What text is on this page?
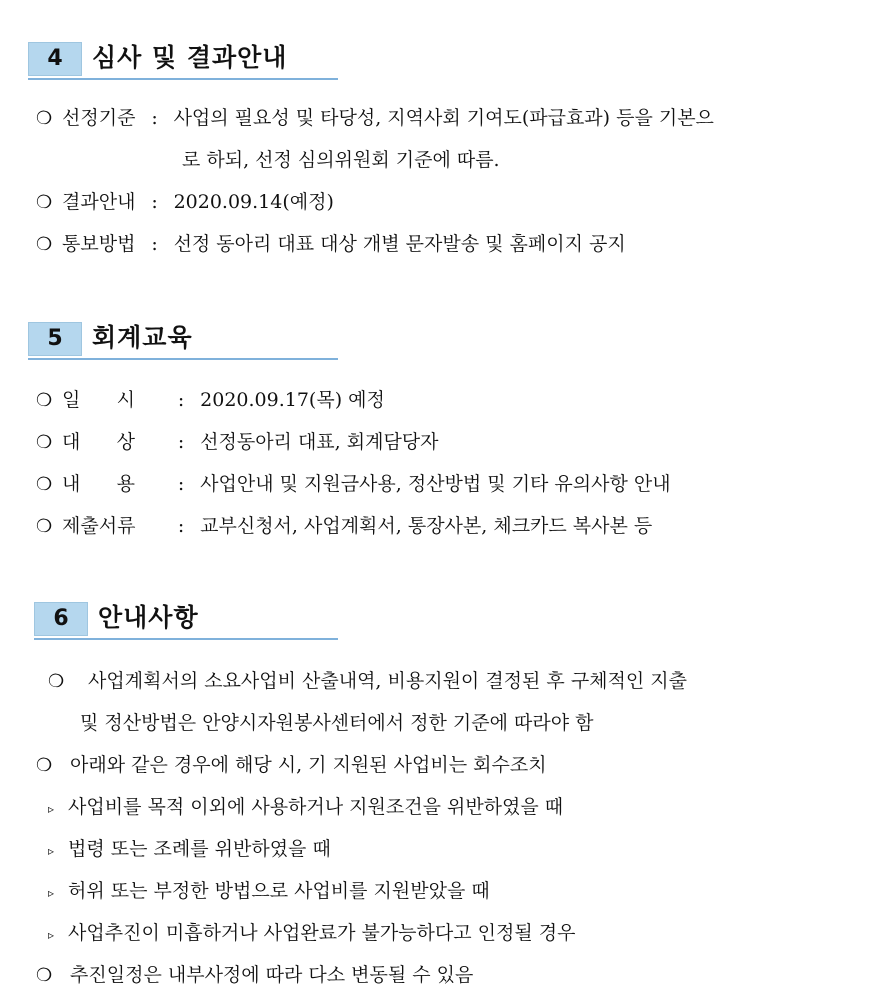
4	심사 및 결과안내
❍ 선정기준 : 사업의 필요성 및 타당성, 지역사회 기여도(파급효과) 등을 기본으
로 하되, 선정 심의위원회 기준에 따름.
❍ 결과안내 : 2020.09.14(예정)
❍ 통보방법 : 선정 동아리 대표 대상 개별 문자발송 및 홈페이지 공지
5	회계교육
❍ 일      시 : 2020.09.17(목) 예정
❍ 대      상 : 선정동아리 대표, 회계담당자
❍ 내      용 : 사업안내 및 지원금사용, 정산방법 및 기타 유의사항 안내
❍ 제출서류 : 교부신청서, 사업계획서, 통장사본, 체크카드 복사본 등
6	안내사항
❍ 사업계획서의 소요사업비 산출내역, 비용지원이 결정된 후 구체적인 지출
및 정산방법은 안양시자원봉사센터에서 정한 기준에 따라야 함
❍ 아래와 같은 경우에 해당 시, 기 지원된 사업비는 회수조치
▹ 사업비를 목적 이외에 사용하거나 지원조건을 위반하였을 때
▹ 법령 또는 조례를 위반하였을 때
▹ 허위 또는 부정한 방법으로 사업비를 지원받았을 때
▹ 사업추진이 미흡하거나 사업완료가 불가능하다고 인정될 경우
❍ 추진일정은 내부사정에 따라 다소 변동될 수 있음
